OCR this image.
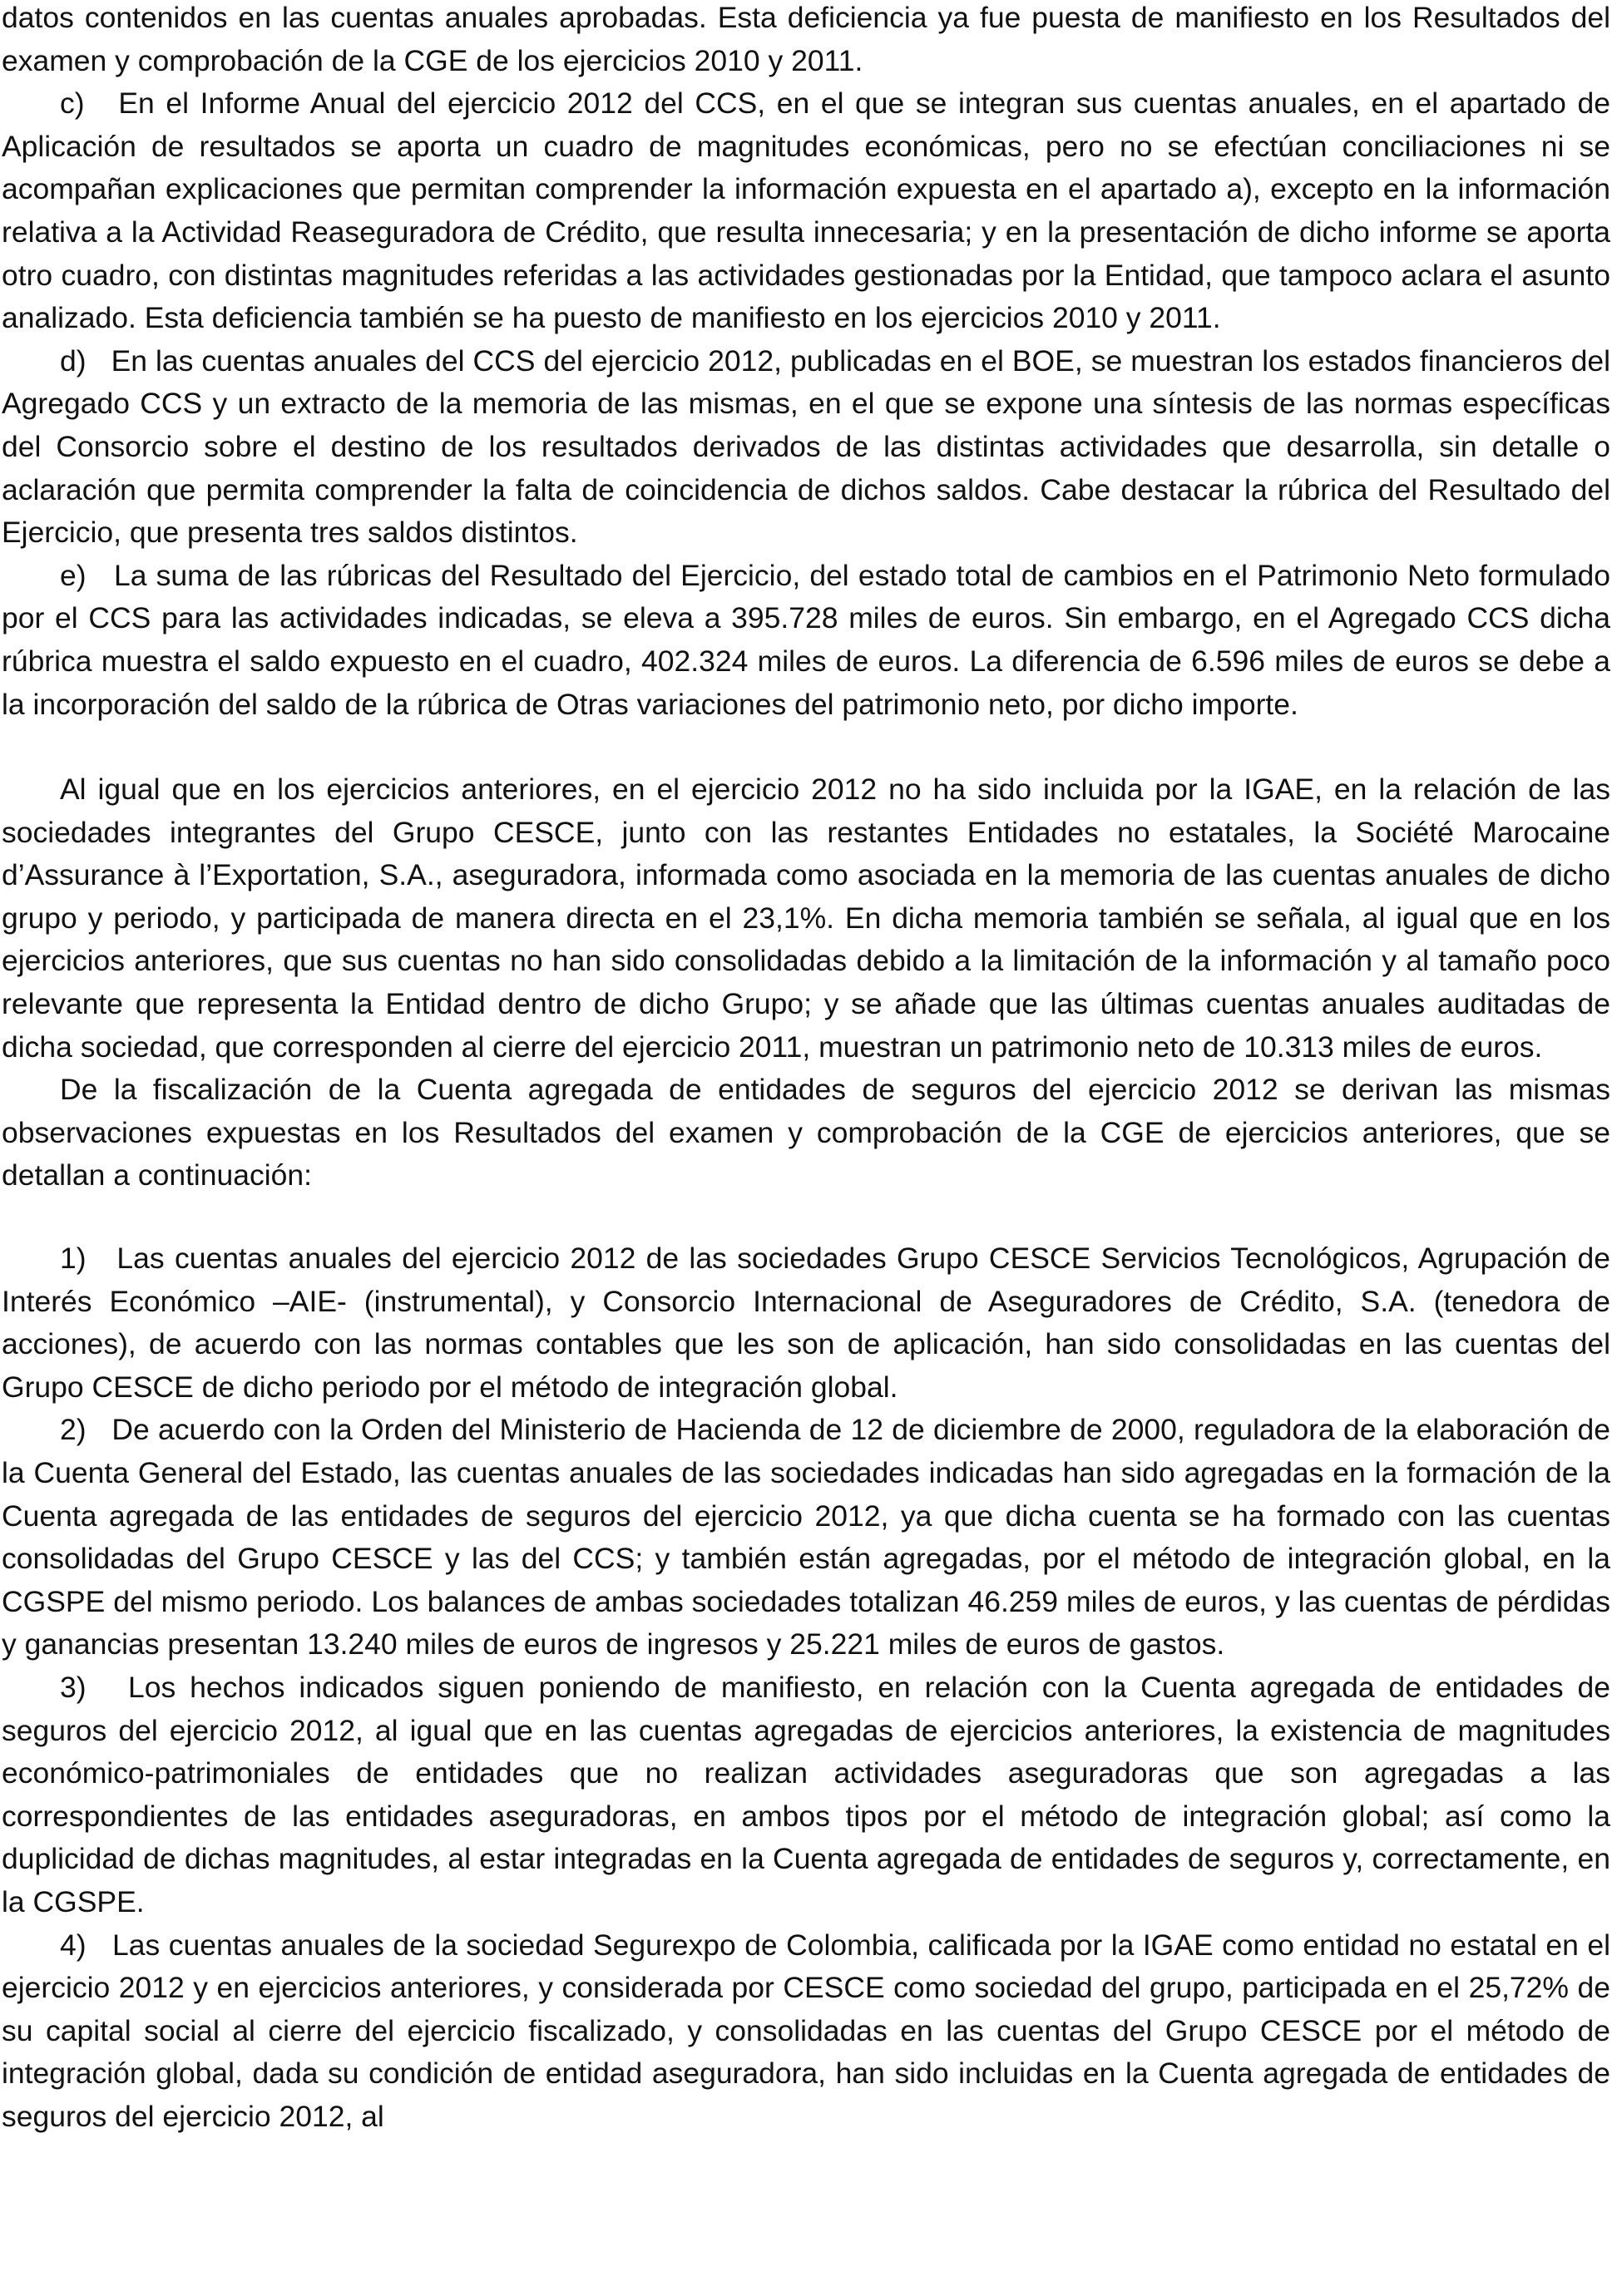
datos contenidos en las cuentas anuales aprobadas. Esta deficiencia ya fue puesta de manifiesto en los Resultados del examen y comprobación de la CGE de los ejercicios 2010 y 2011.

c)   En el Informe Anual del ejercicio 2012 del CCS, en el que se integran sus cuentas anuales, en el apartado de Aplicación de resultados se aporta un cuadro de magnitudes económicas, pero no se efectúan conciliaciones ni se acompañan explicaciones que permitan comprender la información expuesta en el apartado a), excepto en la información relativa a la Actividad Reaseguradora de Crédito, que resulta innecesaria; y en la presentación de dicho informe se aporta otro cuadro, con distintas magnitudes referidas a las actividades gestionadas por la Entidad, que tampoco aclara el asunto analizado. Esta deficiencia también se ha puesto de manifiesto en los ejercicios 2010 y 2011.

d)   En las cuentas anuales del CCS del ejercicio 2012, publicadas en el BOE, se muestran los estados financieros del Agregado CCS y un extracto de la memoria de las mismas, en el que se expone una síntesis de las normas específicas del Consorcio sobre el destino de los resultados derivados de las distintas actividades que desarrolla, sin detalle o aclaración que permita comprender la falta de coincidencia de dichos saldos. Cabe destacar la rúbrica del Resultado del Ejercicio, que presenta tres saldos distintos.

e)   La suma de las rúbricas del Resultado del Ejercicio, del estado total de cambios en el Patrimonio Neto formulado por el CCS para las actividades indicadas, se eleva a 395.728 miles de euros. Sin embargo, en el Agregado CCS dicha rúbrica muestra el saldo expuesto en el cuadro, 402.324 miles de euros. La diferencia de 6.596 miles de euros se debe a la incorporación del saldo de la rúbrica de Otras variaciones del patrimonio neto, por dicho importe.

Al igual que en los ejercicios anteriores, en el ejercicio 2012 no ha sido incluida por la IGAE, en la relación de las sociedades integrantes del Grupo CESCE, junto con las restantes Entidades no estatales, la Société Marocaine d’Assurance à l’Exportation, S.A., aseguradora, informada como asociada en la memoria de las cuentas anuales de dicho grupo y periodo, y participada de manera directa en el 23,1%. En dicha memoria también se señala, al igual que en los ejercicios anteriores, que sus cuentas no han sido consolidadas debido a la limitación de la información y al tamaño poco relevante que representa la Entidad dentro de dicho Grupo; y se añade que las últimas cuentas anuales auditadas de dicha sociedad, que corresponden al cierre del ejercicio 2011, muestran un patrimonio neto de 10.313 miles de euros.

De la fiscalización de la Cuenta agregada de entidades de seguros del ejercicio 2012 se derivan las mismas observaciones expuestas en los Resultados del examen y comprobación de la CGE de ejercicios anteriores, que se detallan a continuación:

1)   Las cuentas anuales del ejercicio 2012 de las sociedades Grupo CESCE Servicios Tecnológicos, Agrupación de Interés Económico –AIE- (instrumental), y Consorcio Internacional de Aseguradores de Crédito, S.A. (tenedora de acciones), de acuerdo con las normas contables que les son de aplicación, han sido consolidadas en las cuentas del Grupo CESCE de dicho periodo por el método de integración global.

2)   De acuerdo con la Orden del Ministerio de Hacienda de 12 de diciembre de 2000, reguladora de la elaboración de la Cuenta General del Estado, las cuentas anuales de las sociedades indicadas han sido agregadas en la formación de la Cuenta agregada de las entidades de seguros del ejercicio 2012, ya que dicha cuenta se ha formado con las cuentas consolidadas del Grupo CESCE y las del CCS; y también están agregadas, por el método de integración global, en la CGSPE del mismo periodo. Los balances de ambas sociedades totalizan 46.259 miles de euros, y las cuentas de pérdidas y ganancias presentan 13.240 miles de euros de ingresos y 25.221 miles de euros de gastos.

3)   Los hechos indicados siguen poniendo de manifiesto, en relación con la Cuenta agregada de entidades de seguros del ejercicio 2012, al igual que en las cuentas agregadas de ejercicios anteriores, la existencia de magnitudes económico-patrimoniales de entidades que no realizan actividades aseguradoras que son agregadas a las correspondientes de las entidades aseguradoras, en ambos tipos por el método de integración global; así como la duplicidad de dichas magnitudes, al estar integradas en la Cuenta agregada de entidades de seguros y, correctamente, en la CGSPE.

4)   Las cuentas anuales de la sociedad Segurexpo de Colombia, calificada por la IGAE como entidad no estatal en el ejercicio 2012 y en ejercicios anteriores, y considerada por CESCE como sociedad del grupo, participada en el 25,72% de su capital social al cierre del ejercicio fiscalizado, y consolidadas en las cuentas del Grupo CESCE por el método de integración global, dada su condición de entidad aseguradora, han sido incluidas en la Cuenta agregada de entidades de seguros del ejercicio 2012, al
